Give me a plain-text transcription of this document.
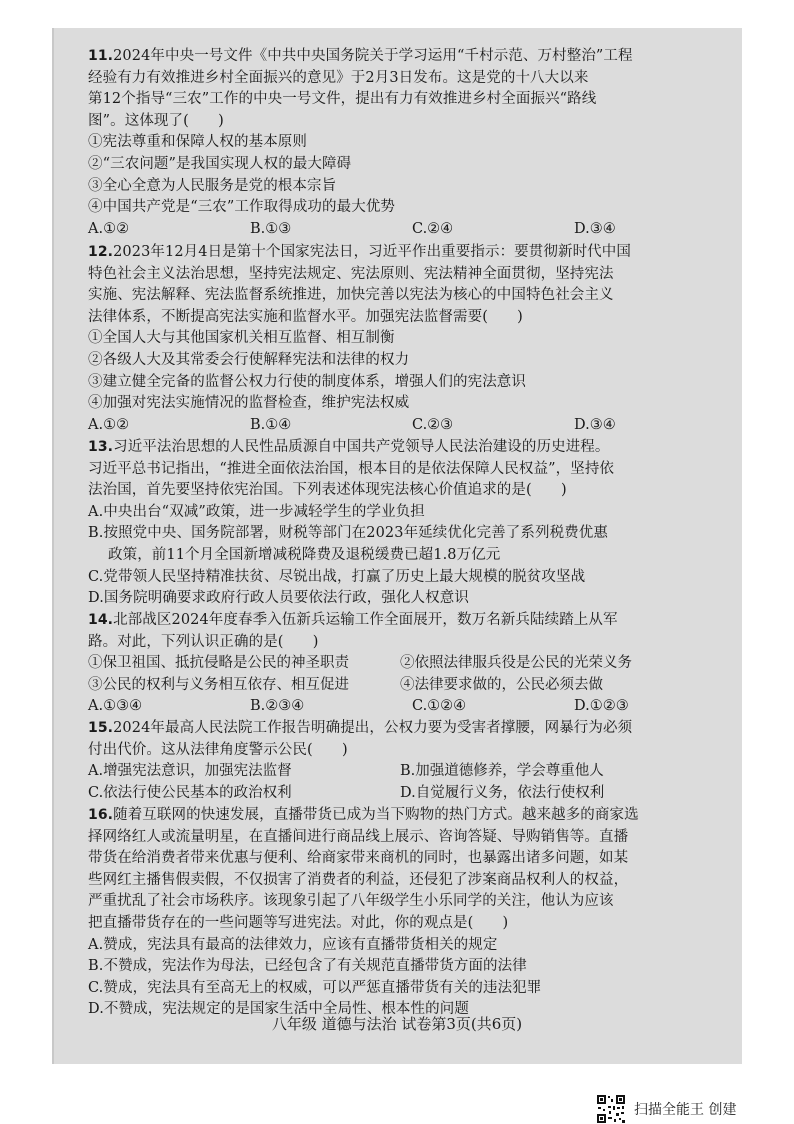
11.2024年中央一号文件《中共中央国务院关于学习运用“千村示范、万村整治”工程
经验有力有效推进乡村全面振兴的意见》于2月3日发布。这是党的十八大以来
第12个指导“三农”工作的中央一号文件，提出有力有效推进乡村全面振兴“路线
图”。这体现了(　　)
①宪法尊重和保障人权的基本原则
②“三农问题”是我国实现人权的最大障碍
③全心全意为人民服务是党的根本宗旨
④中国共产党是“三农”工作取得成功的最大优势
A.①②	B.①③	C.②④	D.③④
12.2023年12月4日是第十个国家宪法日，习近平作出重要指示：要贯彻新时代中国
特色社会主义法治思想，坚持宪法规定、宪法原则、宪法精神全面贯彻，坚持宪法
实施、宪法解释、宪法监督系统推进，加快完善以宪法为核心的中国特色社会主义
法律体系，不断提高宪法实施和监督水平。加强宪法监督需要(　　)
①全国人大与其他国家机关相互监督、相互制衡
②各级人大及其常委会行使解释宪法和法律的权力
③建立健全完备的监督公权力行使的制度体系，增强人们的宪法意识
④加强对宪法实施情况的监督检查，维护宪法权威
A.①②	B.①④	C.②③	D.③④
13.习近平法治思想的人民性品质源自中国共产党领导人民法治建设的历史进程。
习近平总书记指出，“推进全面依法治国，根本目的是依法保障人民权益”，坚持依
法治国，首先要坚持依宪治国。下列表述体现宪法核心价值追求的是(　　)
A.中央出台“双减”政策，进一步减轻学生的学业负担
B.按照党中央、国务院部署，财税等部门在2023年延续优化完善了系列税费优惠
政策，前11个月全国新增减税降费及退税缓费已超1.8万亿元
C.党带领人民坚持精准扶贫、尽锐出战，打赢了历史上最大规模的脱贫攻坚战
D.国务院明确要求政府行政人员要依法行政，强化人权意识
14.北部战区2024年度春季入伍新兵运输工作全面展开，数万名新兵陆续踏上从军
路。对此，下列认识正确的是(　　)
①保卫祖国、抵抗侵略是公民的神圣职责	②依照法律服兵役是公民的光荣义务
③公民的权利与义务相互依存、相互促进	④法律要求做的，公民必须去做
A.①③④	B.②③④	C.①②④	D.①②③
15.2024年最高人民法院工作报告明确提出，公权力要为受害者撑腰，网暴行为必须
付出代价。这从法律角度警示公民(　　)
A.增强宪法意识，加强宪法监督	B.加强道德修养，学会尊重他人
C.依法行使公民基本的政治权利	D.自觉履行义务，依法行使权利
16.随着互联网的快速发展，直播带货已成为当下购物的热门方式。越来越多的商家选
择网络红人或流量明星，在直播间进行商品线上展示、咨询答疑、导购销售等。直播
带货在给消费者带来优惠与便利、给商家带来商机的同时，也暴露出诸多问题，如某
些网红主播售假卖假，不仅损害了消费者的利益，还侵犯了涉案商品权利人的权益，
严重扰乱了社会市场秩序。该现象引起了八年级学生小乐同学的关注，他认为应该
把直播带货存在的一些问题等写进宪法。对此，你的观点是(　　)
A.赞成，宪法具有最高的法律效力，应该有直播带货相关的规定
B.不赞成，宪法作为母法，已经包含了有关规范直播带货方面的法律
C.赞成，宪法具有至高无上的权威，可以严惩直播带货有关的违法犯罪
D.不赞成，宪法规定的是国家生活中全局性、根本性的问题
八年级 道德与法治 试卷第3页(共6页)
扫描全能王 创建
